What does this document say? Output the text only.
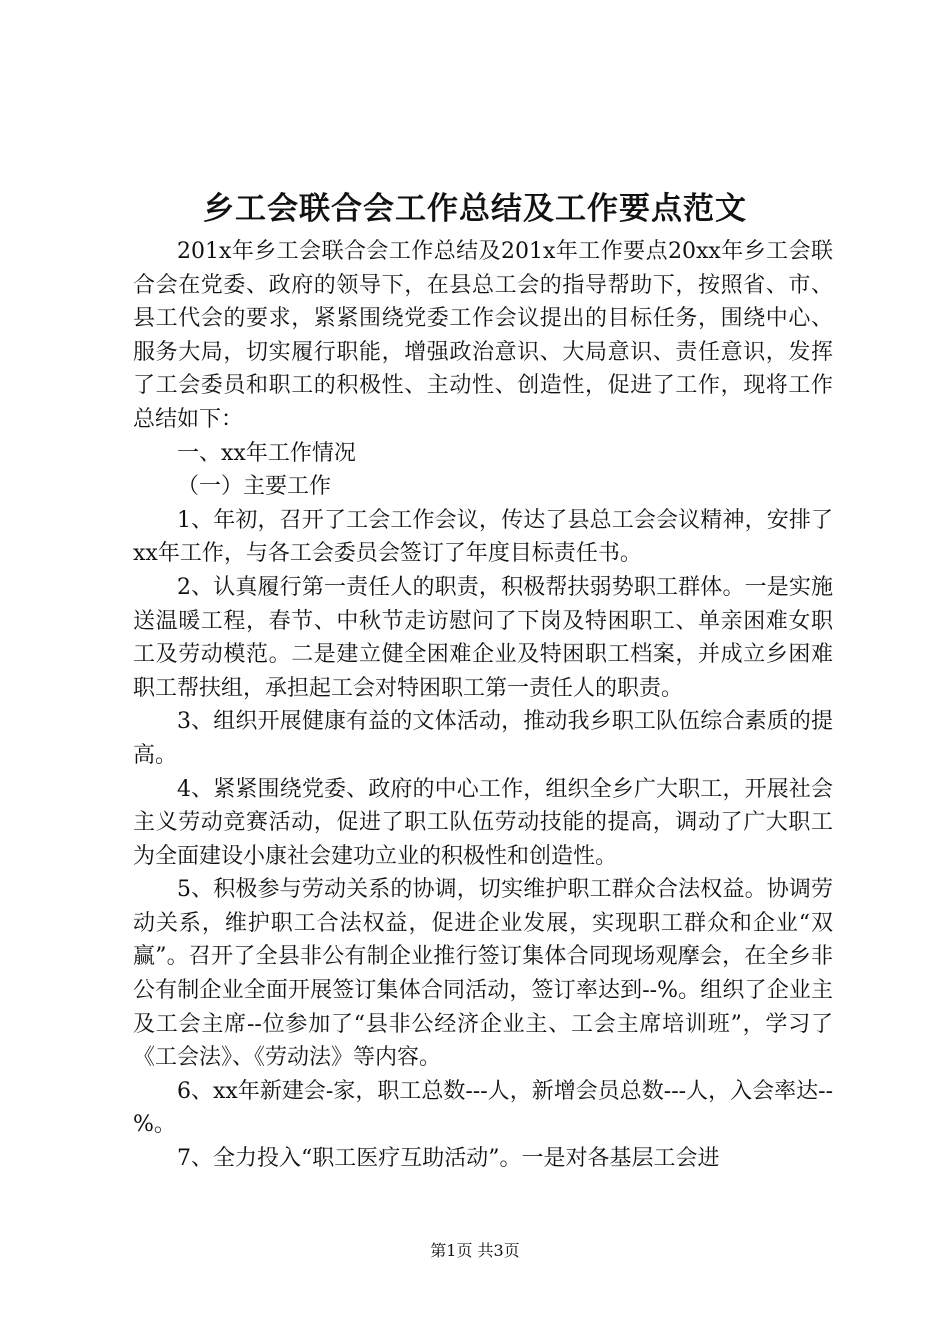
乡工会联合会工作总结及工作要点范文

201x年乡工会联合会工作总结及201x年工作要点20xx年乡工会联合会在党委、政府的领导下，在县总工会的指导帮助下，按照省、市、县工代会的要求，紧紧围绕党委工作会议提出的目标任务，围绕中心、服务大局，切实履行职能，增强政治意识、大局意识、责任意识，发挥了工会委员和职工的积极性、主动性、创造性，促进了工作，现将工作总结如下：

一、xx年工作情况

（一）主要工作

1、年初，召开了工会工作会议，传达了县总工会会议精神，安排了xx年工作，与各工会委员会签订了年度目标责任书。

2、认真履行第一责任人的职责，积极帮扶弱势职工群体。一是实施送温暖工程，春节、中秋节走访慰问了下岗及特困职工、单亲困难女职工及劳动模范。二是建立健全困难企业及特困职工档案，并成立乡困难职工帮扶组，承担起工会对特困职工第一责任人的职责。

3、组织开展健康有益的文体活动，推动我乡职工队伍综合素质的提高。

4、紧紧围绕党委、政府的中心工作，组织全乡广大职工，开展社会主义劳动竞赛活动，促进了职工队伍劳动技能的提高，调动了广大职工为全面建设小康社会建功立业的积极性和创造性。

5、积极参与劳动关系的协调，切实维护职工群众合法权益。协调劳动关系，维护职工合法权益，促进企业发展，实现职工群众和企业“双赢”。召开了全县非公有制企业推行签订集体合同现场观摩会，在全乡非公有制企业全面开展签订集体合同活动，签订率达到--%。组织了企业主及工会主席--位参加了“县非公经济企业主、工会主席培训班”，学习了《工会法》、《劳动法》等内容。

6、xx年新建会-家，职工总数---人，新增会员总数---人，入会率达--%。

7、全力投入“职工医疗互助活动”。一是对各基层工会进

第1页 共3页
